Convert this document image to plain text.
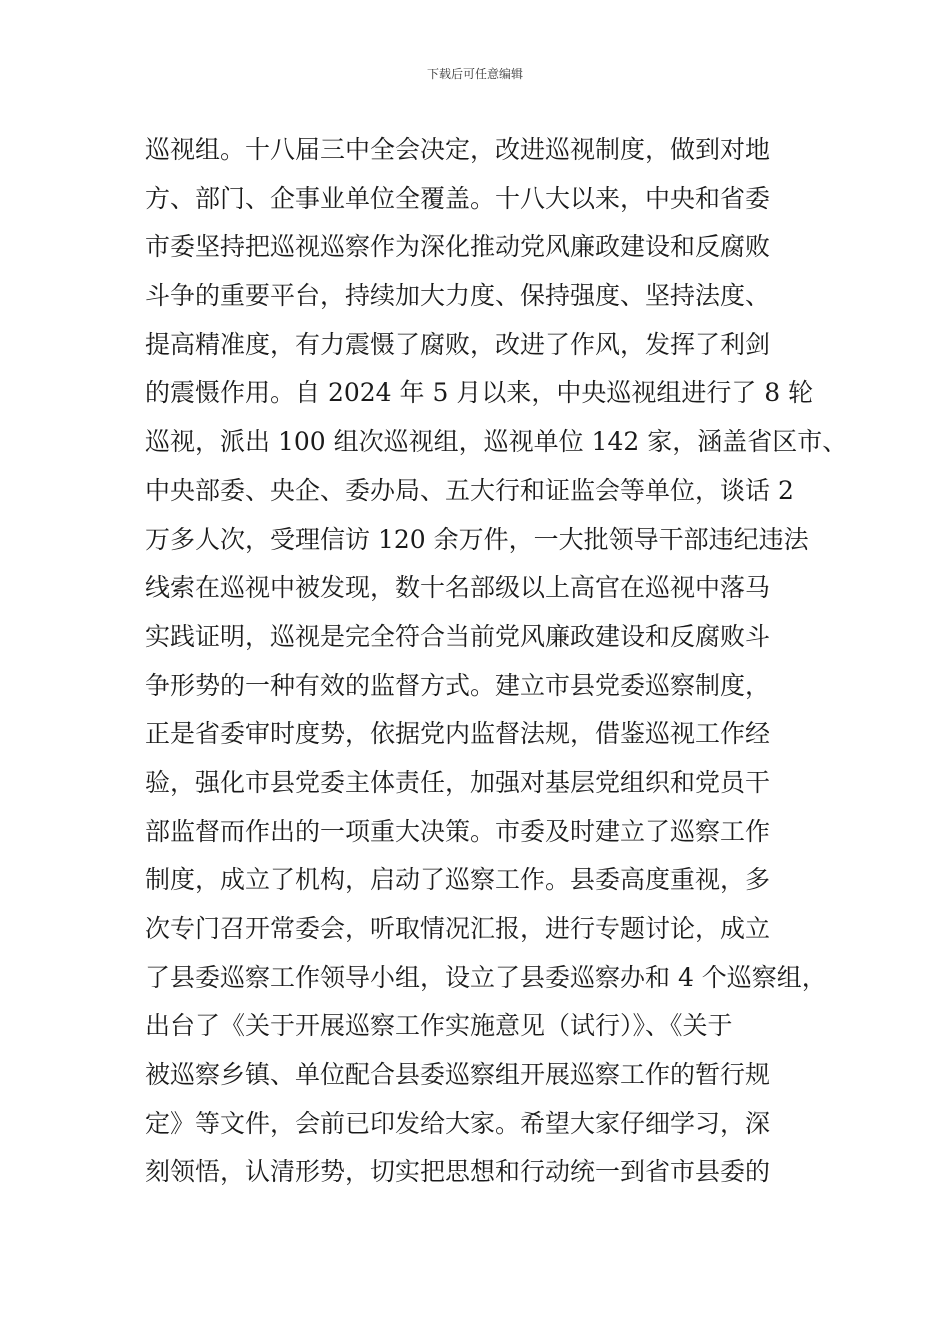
下载后可任意编辑
巡视组。十八届三中全会决定，改进巡视制度，做到对地
方、部门、企事业单位全覆盖。十八大以来，中央和省委
市委坚持把巡视巡察作为深化推动党风廉政建设和反腐败
斗争的重要平台，持续加大力度、保持强度、坚持法度、
提高精准度，有力震慑了腐败，改进了作风，发挥了利剑
的震慑作用。自 2024 年 5 月以来，中央巡视组进行了 8 轮
巡视，派出 100 组次巡视组，巡视单位 142 家，涵盖省区市、
中央部委、央企、委办局、五大行和证监会等单位，谈话 2
万多人次，受理信访 120 余万件，一大批领导干部违纪违法
线索在巡视中被发现，数十名部级以上高官在巡视中落马
实践证明，巡视是完全符合当前党风廉政建设和反腐败斗
争形势的一种有效的监督方式。建立市县党委巡察制度，
正是省委审时度势，依据党内监督法规，借鉴巡视工作经
验，强化市县党委主体责任，加强对基层党组织和党员干
部监督而作出的一项重大决策。市委及时建立了巡察工作
制度，成立了机构，启动了巡察工作。县委高度重视，多
次专门召开常委会，听取情况汇报，进行专题讨论，成立
了县委巡察工作领导小组，设立了县委巡察办和 4 个巡察组，
出台了《关于开展巡察工作实施意见（试行）》、《关于
被巡察乡镇、单位配合县委巡察组开展巡察工作的暂行规
定》等文件，会前已印发给大家。希望大家仔细学习，深
刻领悟，认清形势，切实把思想和行动统一到省市县委的
